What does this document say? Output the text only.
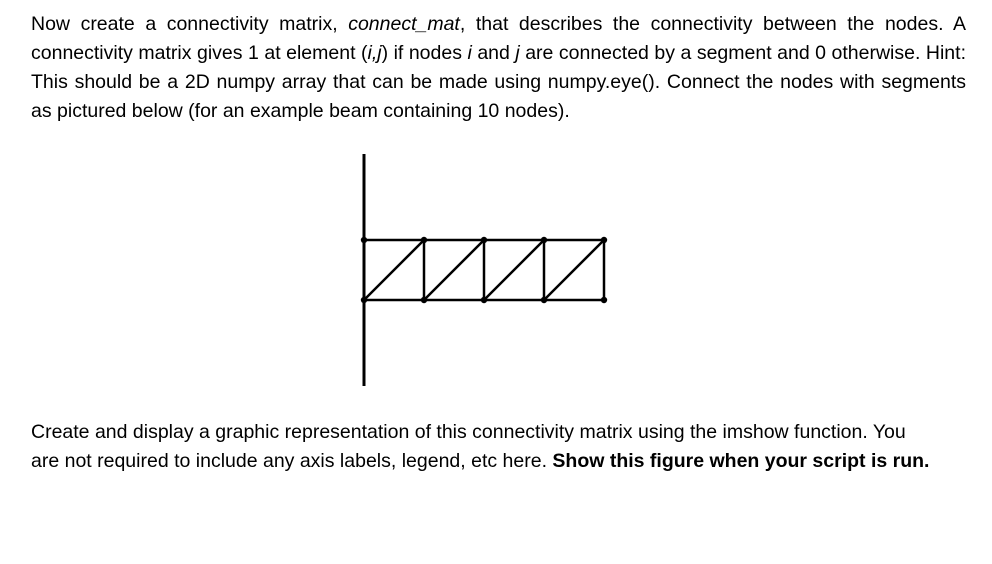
Now create a connectivity matrix, connect_mat, that describes the connectivity between the nodes. A connectivity matrix gives 1 at element (i,j) if nodes i and j are connected by a segment and 0 otherwise. Hint: This should be a 2D numpy array that can be made using numpy.eye(). Connect the nodes with segments as pictured below (for an example beam containing 10 nodes).

Create and display a graphic representation of this connectivity matrix using the imshow function. You are not required to include any axis labels, legend, etc here. Show this figure when your script is run.
